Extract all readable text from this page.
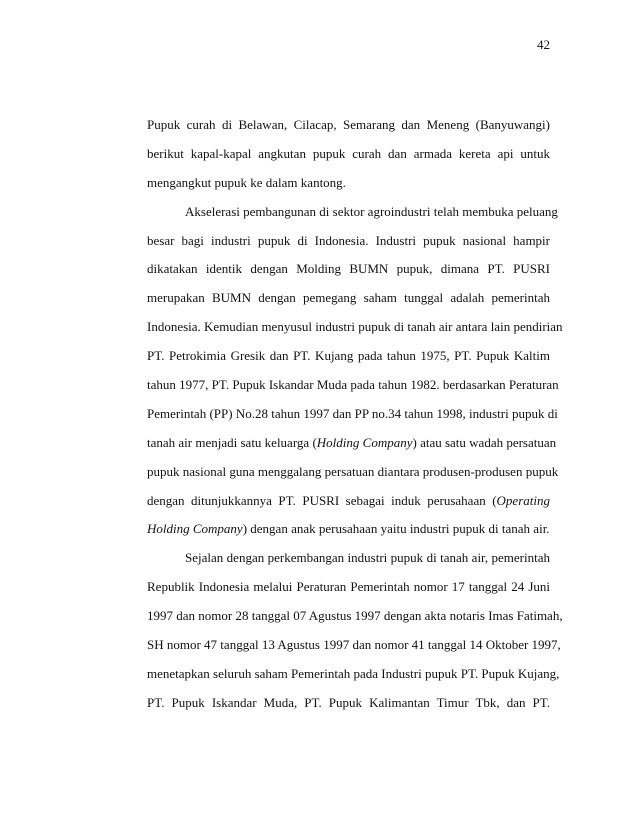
42
Pupuk curah di Belawan, Cilacap, Semarang dan Meneng (Banyuwangi)
berikut kapal-kapal angkutan pupuk curah dan armada kereta api untuk
mengangkut pupuk ke dalam kantong.
Akselerasi pembangunan di sektor agroindustri telah membuka peluang
besar bagi industri pupuk di Indonesia. Industri pupuk nasional hampir
dikatakan identik dengan Molding BUMN pupuk, dimana PT. PUSRI
merupakan BUMN dengan pemegang saham tunggal adalah pemerintah
Indonesia. Kemudian menyusul industri pupuk di tanah air antara lain pendirian
PT. Petrokimia Gresik dan PT. Kujang pada tahun 1975, PT. Pupuk Kaltim
tahun 1977, PT. Pupuk Iskandar Muda pada tahun 1982. berdasarkan Peraturan
Pemerintah (PP) No.28 tahun 1997 dan PP no.34 tahun 1998, industri pupuk di
tanah air menjadi satu keluarga (Holding Company) atau satu wadah persatuan
pupuk nasional guna menggalang persatuan diantara produsen-produsen pupuk
dengan ditunjukkannya PT. PUSRI sebagai induk perusahaan (Operating
Holding Company) dengan anak perusahaan yaitu industri pupuk di tanah air.
Sejalan dengan perkembangan industri pupuk di tanah air, pemerintah
Republik Indonesia melalui Peraturan Pemerintah nomor 17 tanggal 24 Juni
1997 dan nomor 28 tanggal 07 Agustus 1997 dengan akta notaris Imas Fatimah,
SH nomor 47 tanggal 13 Agustus 1997 dan nomor 41 tanggal 14 Oktober 1997,
menetapkan seluruh saham Pemerintah pada Industri pupuk PT. Pupuk Kujang,
PT. Pupuk Iskandar Muda, PT. Pupuk Kalimantan Timur Tbk, dan PT.
